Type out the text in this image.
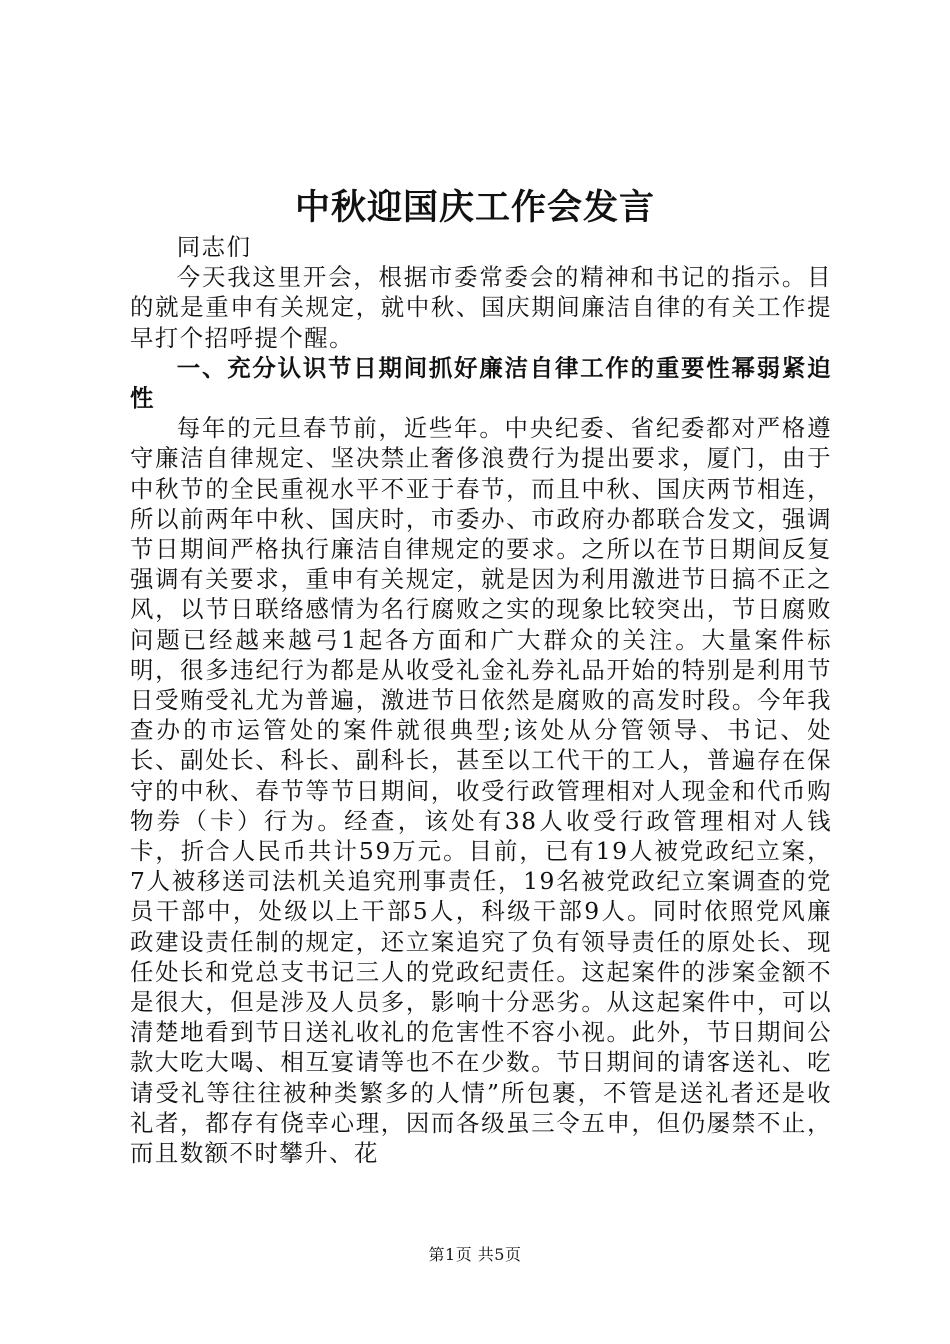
中秋迎国庆工作会发言

同志们

今天我这里开会，根据市委常委会的精神和书记的指示。目的就是重申有关规定，就中秋、国庆期间廉洁自律的有关工作提早打个招呼提个醒。

一、充分认识节日期间抓好廉洁自律工作的重要性幂弱紧迫性

每年的元旦春节前，近些年。中央纪委、省纪委都对严格遵守廉洁自律规定、坚决禁止奢侈浪费行为提出要求，厦门，由于中秋节的全民重视水平不亚于春节，而且中秋、国庆两节相连，所以前两年中秋、国庆时，市委办、市政府办都联合发文，强调节日期间严格执行廉洁自律规定的要求。之所以在节日期间反复强调有关要求，重申有关规定，就是因为利用激进节日搞不正之风，以节日联络感情为名行腐败之实的现象比较突出，节日腐败问题已经越来越弓1起各方面和广大群众的关注。大量案件标明，很多违纪行为都是从收受礼金礼券礼品开始的特别是利用节日受贿受礼尤为普遍，激进节日依然是腐败的高发时段。今年我查办的市运管处的案件就很典型;该处从分管领导、书记、处长、副处长、科长、副科长，甚至以工代干的工人，普遍存在保守的中秋、春节等节日期间，收受行政管理相对人现金和代币购物券（卡）行为。经查，该处有38人收受行政管理相对人钱卡，折合人民币共计59万元。目前，已有19人被党政纪立案，7人被移送司法机关追究刑事责任，19名被党政纪立案调查的党员干部中，处级以上干部5人，科级干部9人。同时依照党风廉政建设责任制的规定，还立案追究了负有领导责任的原处长、现任处长和党总支书记三人的党政纪责任。这起案件的涉案金额不是很大，但是涉及人员多，影响十分恶劣。从这起案件中，可以清楚地看到节日送礼收礼的危害性不容小视。此外，节日期间公款大吃大喝、相互宴请等也不在少数。节日期间的请客送礼、吃请受礼等往往被种类繁多的人情”所包裹，不管是送礼者还是收礼者，都存有侥幸心理，因而各级虽三令五申，但仍屡禁不止，而且数额不时攀升、花

第1页 共5页
